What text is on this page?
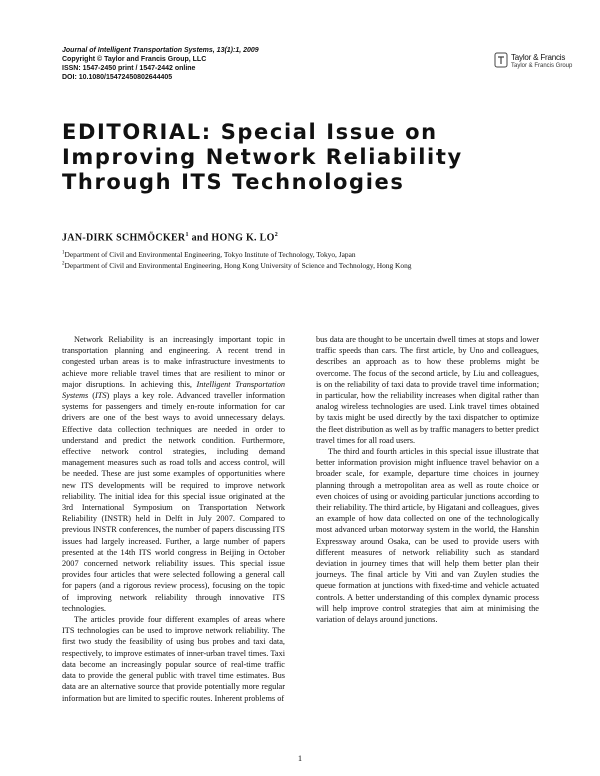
Journal of Intelligent Transportation Systems, 13(1):1, 2009
Copyright © Taylor and Francis Group, LLC
ISSN: 1547-2450 print / 1547-2442 online
DOI: 10.1080/15472450802644405
Taylor & Francis
Taylor & Francis Group
EDITORIAL: Special Issue on
Improving Network Reliability
Through ITS Technologies
JAN-DIRK SCHMÖCKER$^1$ and HONG K. $LO^2$
$^1$Department of Civil and Environmental Engineering, Tokyo Institute of Technology, Tokyo, Japan
$^2$Department of Civil and Environmental Engineering, Hong Kong University of Science and Technology, Hong Kong

Network Reliability is an increasingly important topic in transportation planning and engineering. A recent trend in congested urban areas is to make infrastructure investments to achieve more reliable travel times that are resilient to minor or major disruptions. In achieving this, Intelligent Transportation Systems (ITS) plays a key role. Advanced traveller information systems for passengers and timely en-route information for car drivers are one of the best ways to avoid unnecessary delays. Effective data collection techniques are needed in order to understand and predict the network condition. Furthermore, effective network control strategies, including demand management measures such as road tolls and access control, will be needed. These are just some examples of opportunities where new ITS developments will be required to improve network reliability. The initial idea for this special issue originated at the 3rd International Symposium on Transportation Network Reliability (INSTR) held in Delft in July 2007. Compared to previous INSTR conferences, the number of papers discussing ITS issues had largely increased. Further, a large number of papers presented at the 14th ITS world congress in Beijing in October 2007 concerned network reliability issues. This special issue provides four articles that were selected following a general call for papers (and a rigorous review process), focusing on the topic of improving network reliability through innovative ITS technologies.

The articles provide four different examples of areas where ITS technologies can be used to improve network reliability. The first two study the feasibility of using bus probes and taxi data, respectively, to improve estimates of inner-urban travel times. Taxi data become an increasingly popular source of real-time traffic data to provide the general public with travel time estimates. Bus data are an alternative source that provide potentially more regular information but are limited to specific routes. Inherent problems of

bus data are thought to be uncertain dwell times at stops and lower traffic speeds than cars. The first article, by Uno and colleagues, describes an approach as to how these problems might be overcome. The focus of the second article, by Liu and colleagues, is on the reliability of taxi data to provide travel time information; in particular, how the reliability increases when digital rather than analog wireless technologies are used. Link travel times obtained by taxis might be used directly by the taxi dispatcher to optimize the fleet distribution as well as by traffic managers to better predict travel times for all road users.

The third and fourth articles in this special issue illustrate that better information provision might influence travel behavior on a broader scale, for example, departure time choices in journey planning through a metropolitan area as well as route choice or even choices of using or avoiding particular junctions according to their reliability. The third article, by Higatani and colleagues, gives an example of how data collected on one of the technologically most advanced urban motorway system in the world, the Hanshin Expressway around Osaka, can be used to provide users with different measures of network reliability such as standard deviation in journey times that will help them better plan their journeys. The final article by Viti and van Zuylen studies the queue formation at junctions with fixed-time and vehicle actuated controls. A better understanding of this complex dynamic process will help improve control strategies that aim at minimising the variation of delays around junctions.

1
